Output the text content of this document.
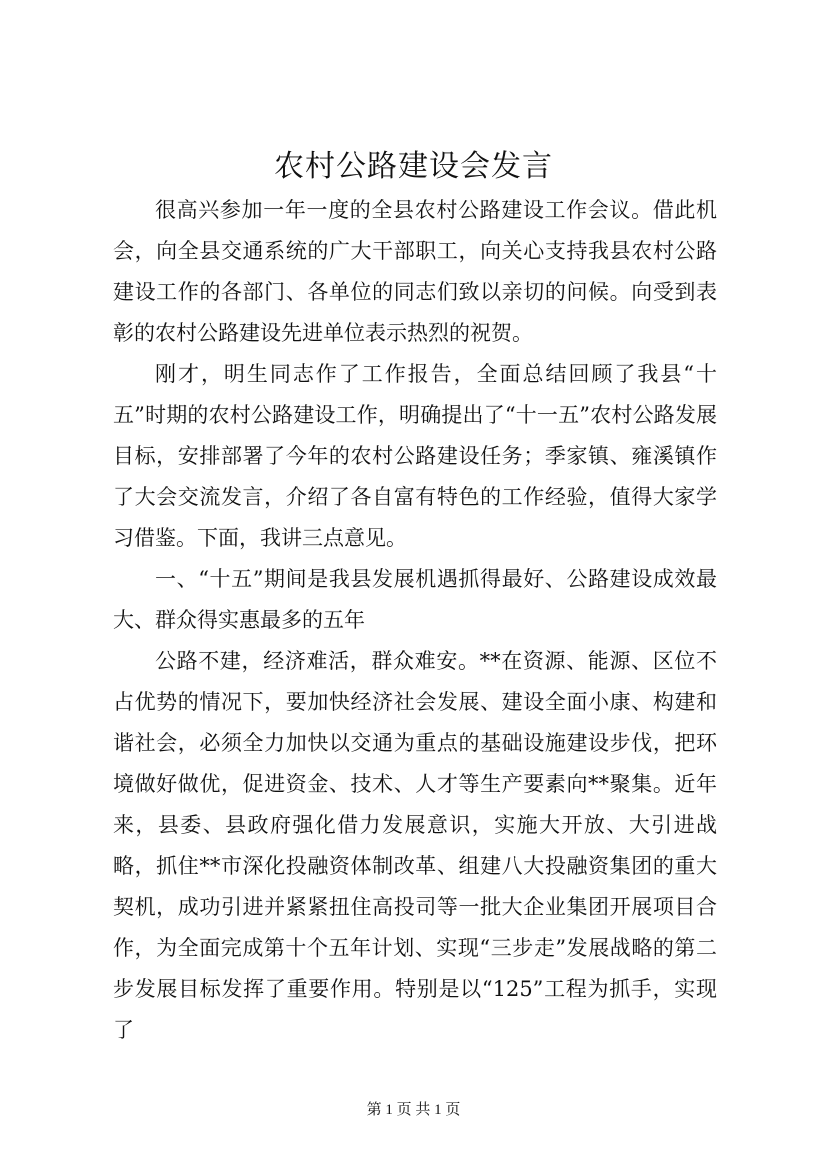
农村公路建设会发言

很高兴参加一年一度的全县农村公路建设工作会议。借此机会，向全县交通系统的广大干部职工，向关心支持我县农村公路建设工作的各部门、各单位的同志们致以亲切的问候。向受到表彰的农村公路建设先进单位表示热烈的祝贺。

刚才，明生同志作了工作报告，全面总结回顾了我县“十五”时期的农村公路建设工作，明确提出了“十一五”农村公路发展目标，安排部署了今年的农村公路建设任务；季家镇、雍溪镇作了大会交流发言，介绍了各自富有特色的工作经验，值得大家学习借鉴。下面，我讲三点意见。

一、“十五”期间是我县发展机遇抓得最好、公路建设成效最大、群众得实惠最多的五年

公路不建，经济难活，群众难安。**在资源、能源、区位不占优势的情况下，要加快经济社会发展、建设全面小康、构建和谐社会，必须全力加快以交通为重点的基础设施建设步伐，把环境做好做优，促进资金、技术、人才等生产要素向**聚集。近年来，县委、县政府强化借力发展意识，实施大开放、大引进战略，抓住**市深化投融资体制改革、组建八大投融资集团的重大契机，成功引进并紧紧扭住高投司等一批大企业集团开展项目合作，为全面完成第十个五年计划、实现“三步走”发展战略的第二步发展目标发挥了重要作用。特别是以“125”工程为抓手，实现了

第 1 页 共 1 页
